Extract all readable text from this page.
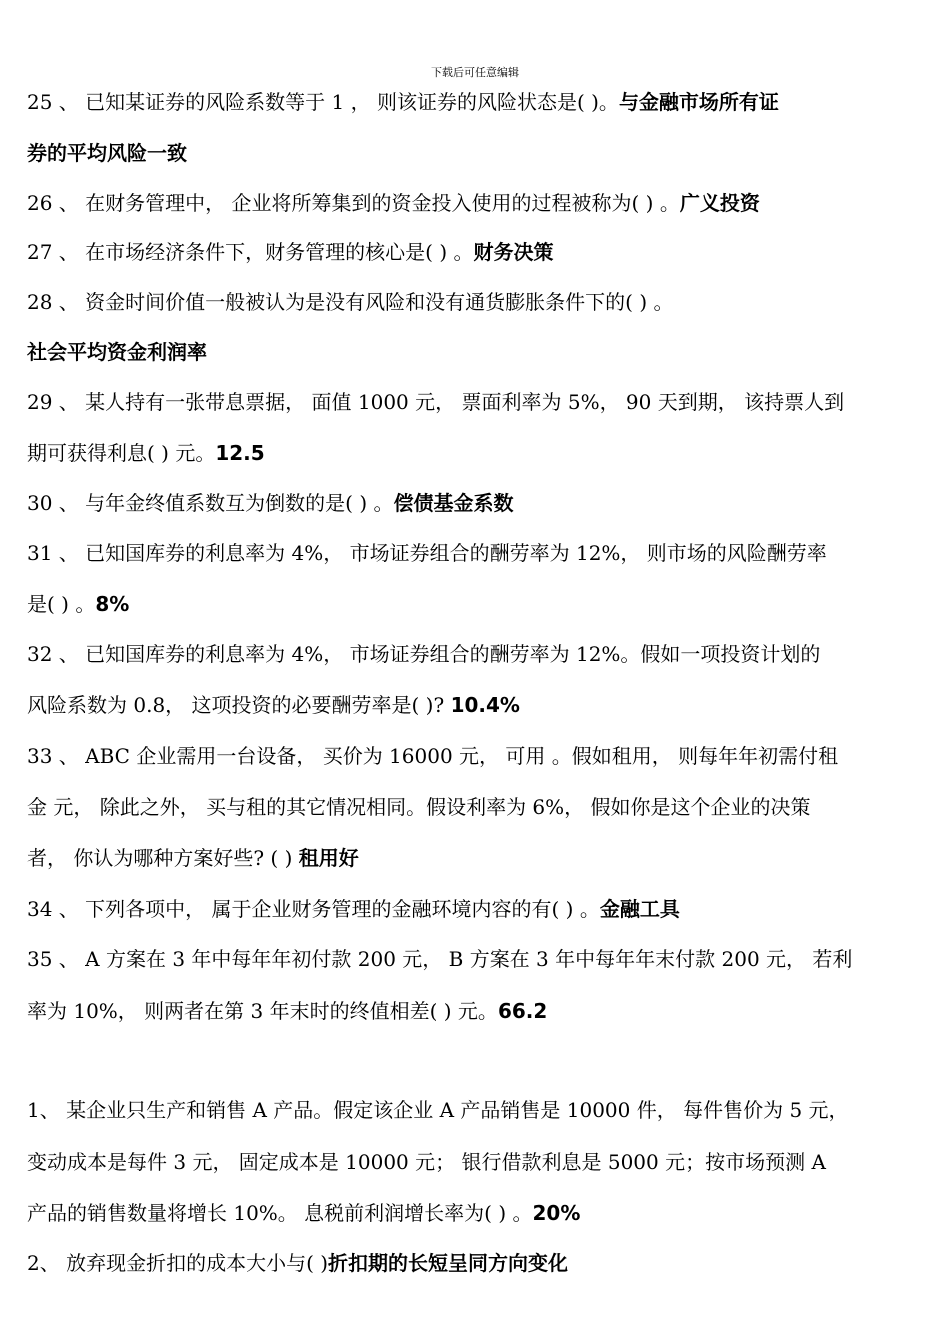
下载后可任意编辑
25 、 已知某证券的风险系数等于 1 ， 则该证券的风险状态是( )。与金融市场所有证
券的平均风险一致
26 、 在财务管理中， 企业将所筹集到的资金投入使用的过程被称为( ) 。广义投资
27 、 在市场经济条件下，财务管理的核心是( ) 。财务决策
28 、 资金时间价值一般被认为是没有风险和没有通货膨胀条件下的( ) 。
社会平均资金利润率
29 、 某人持有一张带息票据， 面值 1000 元， 票面利率为 5%， 90 天到期， 该持票人到
期可获得利息( ) 元。12.5
30 、 与年金终值系数互为倒数的是( ) 。偿债基金系数
31 、 已知国库券的利息率为 4%， 市场证券组合的酬劳率为 12%， 则市场的风险酬劳率
是( ) 。8%
32 、 已知国库券的利息率为 4%， 市场证券组合的酬劳率为 12%。假如一项投资计划的
风险系数为 0.8， 这项投资的必要酬劳率是( )? 10.4%
33 、 ABC 企业需用一台设备， 买价为 16000 元， 可用 。假如租用， 则每年年初需付租
金 元， 除此之外， 买与租的其它情况相同。假设利率为 6%， 假如你是这个企业的决策
者， 你认为哪种方案好些? ( ) 租用好
34 、 下列各项中， 属于企业财务管理的金融环境内容的有( ) 。金融工具
35 、 A 方案在 3 年中每年年初付款 200 元， B 方案在 3 年中每年年末付款 200 元， 若利
率为 10%， 则两者在第 3 年末时的终值相差( ) 元。66.2
1、 某企业只生产和销售 A 产品。假定该企业 A 产品销售是 10000 件， 每件售价为 5 元，
变动成本是每件 3 元， 固定成本是 10000 元； 银行借款利息是 5000 元；按市场预测 A
产品的销售数量将增长 10%。 息税前利润增长率为( ) 。20%
2、 放弃现金折扣的成本大小与( )折扣期的长短呈同方向变化
